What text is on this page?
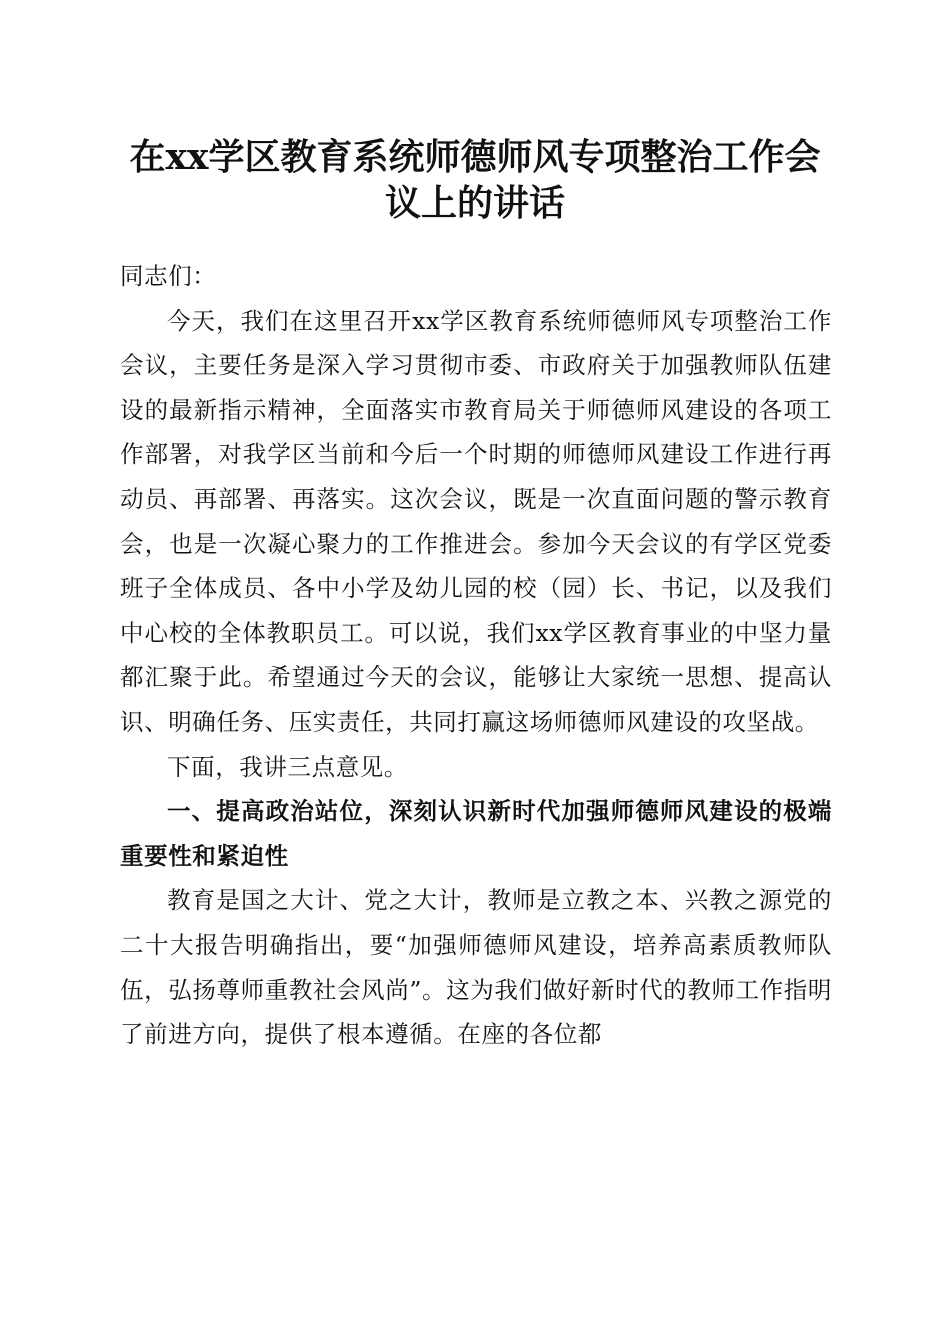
在xx学区教育系统师德师风专项整治工作会议上的讲话

同志们：

今天，我们在这里召开xx学区教育系统师德师风专项整治工作会议，主要任务是深入学习贯彻市委、市政府关于加强教师队伍建设的最新指示精神，全面落实市教育局关于师德师风建设的各项工作部署，对我学区当前和今后一个时期的师德师风建设工作进行再动员、再部署、再落实。这次会议，既是一次直面问题的警示教育会，也是一次凝心聚力的工作推进会。参加今天会议的有学区党委班子全体成员、各中小学及幼儿园的校（园）长、书记，以及我们中心校的全体教职员工。可以说，我们xx学区教育事业的中坚力量都汇聚于此。希望通过今天的会议，能够让大家统一思想、提高认识、明确任务、压实责任，共同打赢这场师德师风建设的攻坚战。

下面，我讲三点意见。

一、提高政治站位，深刻认识新时代加强师德师风建设的极端重要性和紧迫性

教育是国之大计、党之大计，教师是立教之本、兴教之源党的二十大报告明确指出，要“加强师德师风建设，培养高素质教师队伍，弘扬尊师重教社会风尚”。这为我们做好新时代的教师工作指明了前进方向，提供了根本遵循。在座的各位都
